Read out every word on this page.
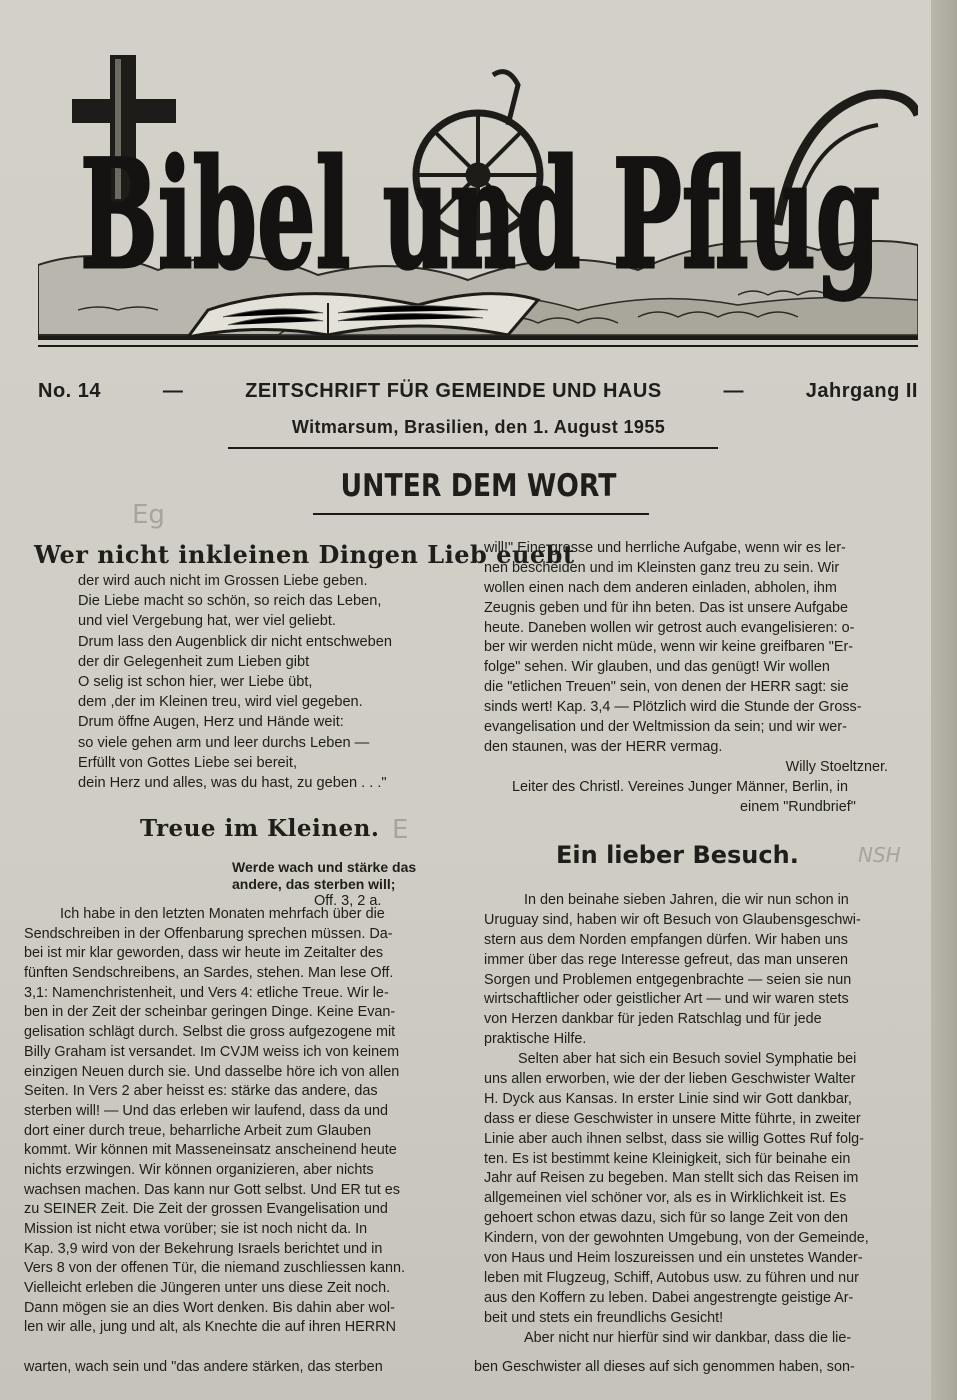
Bibel und Pflug
No. 14	—	ZEITSCHRIFT FÜR GEMEINDE UND HAUS	—	Jahrgang II
Witmarsum, Brasilien, den 1. August 1955
UNTER DEM WORT
Wer nicht inkleinen Dingen Lieb euebt
der wird auch nicht im Grossen Liebe geben.
Die Liebe macht so schön, so reich das Leben,
und viel Vergebung hat, wer viel geliebt.
Drum lass den Augenblick dir nicht entschweben
der dir Gelegenheit zum Lieben gibt
O selig ist schon hier, wer Liebe übt,
dem ,der im Kleinen treu, wird viel gegeben.
Drum öffne Augen, Herz und Hände weit:
so viele gehen arm und leer durchs Leben —
Erfüllt von Gottes Liebe sei bereit,
dein Herz und alles, was du hast, zu geben . . ."
Treue im Kleinen.
Werde wach und stärke das
andere, das sterben will;
Off. 3, 2 a.
Ich habe in den letzten Monaten mehrfach über die
Sendschreiben in der Offenbarung sprechen müssen. Da-
bei ist mir klar geworden, dass wir heute im Zeitalter des
fünften Sendschreibens, an Sardes, stehen. Man lese Off.
3,1: Namenchristenheit, und Vers 4: etliche Treue. Wir le-
ben in der Zeit der scheinbar geringen Dinge. Keine Evan-
gelisation schlägt durch. Selbst die gross aufgezogene mit
Billy Graham ist versandet. Im CVJM weiss ich von keinem
einzigen Neuen durch sie. Und dasselbe höre ich von allen
Seiten. In Vers 2 aber heisst es: stärke das andere, das
sterben will! — Und das erleben wir laufend, dass da und
dort einer durch treue, beharrliche Arbeit zum Glauben
kommt. Wir können mit Masseneinsatz anscheinend heute
nichts erzwingen. Wir können organizieren, aber nichts
wachsen machen. Das kann nur Gott selbst. Und ER tut es
zu SEINER Zeit. Die Zeit der grossen Evangelisation und
Mission ist nicht etwa vorüber; sie ist noch nicht da. In
Kap. 3,9 wird von der Bekehrung Israels berichtet und in
Vers 8 von der offenen Tür, die niemand zuschliessen kann.
Vielleicht erleben die Jüngeren unter uns diese Zeit noch.
Dann mögen sie an dies Wort denken. Bis dahin aber wol-
len wir alle, jung und alt, als Knechte die auf ihren HERRN
warten, wach sein und "das andere stärken, das sterben
will!" Eine grosse und herrliche Aufgabe, wenn wir es ler-
nen bescheiden und im Kleinsten ganz treu zu sein. Wir
wollen einen nach dem anderen einladen, abholen, ihm
Zeugnis geben und für ihn beten. Das ist unsere Aufgabe
heute. Daneben wollen wir getrost auch evangelisieren: o-
ber wir werden nicht müde, wenn wir keine greifbaren "Er-
folge" sehen. Wir glauben, und das genügt! Wir wollen
die "etlichen Treuen" sein, von denen der HERR sagt: sie
sinds wert! Kap. 3,4 — Plötzlich wird die Stunde der Gross-
evangelisation und der Weltmission da sein; und wir wer-
den staunen, was der HERR vermag.
Willy Stoeltzner.
Leiter des Christl. Vereines Junger Männer, Berlin, in
einem "Rundbrief"
Ein lieber Besuch.
In den beinahe sieben Jahren, die wir nun schon in
Uruguay sind, haben wir oft Besuch von Glaubensgeschwi-
stern aus dem Norden empfangen dürfen. Wir haben uns
immer über das rege Interesse gefreut, das man unseren
Sorgen und Problemen entgegenbrachte — seien sie nun
wirtschaftlicher oder geistlicher Art — und wir waren stets
von Herzen dankbar für jeden Ratschlag und für jede
praktische Hilfe.
Selten aber hat sich ein Besuch soviel Symphatie bei
uns allen erworben, wie der der lieben Geschwister Walter
H. Dyck aus Kansas. In erster Linie sind wir Gott dankbar,
dass er diese Geschwister in unsere Mitte führte, in zweiter
Linie aber auch ihnen selbst, dass sie willig Gottes Ruf folg-
ten. Es ist bestimmt keine Kleinigkeit, sich für beinahe ein
Jahr auf Reisen zu begeben. Man stellt sich das Reisen im
allgemeinen viel schöner vor, als es in Wirklichkeit ist. Es
gehoert schon etwas dazu, sich für so lange Zeit von den
Kindern, von der gewohnten Umgebung, von der Gemeinde,
von Haus und Heim loszureissen und ein unstetes Wander-
leben mit Flugzeug, Schiff, Autobus usw. zu führen und nur
aus den Koffern zu leben. Dabei angestrengte geistige Ar-
beit und stets ein freundlichs Gesicht!
Aber nicht nur hierfür sind wir dankbar, dass die lie-
ben Geschwister all dieses auf sich genommen haben, son-
Eg
E
NSH
